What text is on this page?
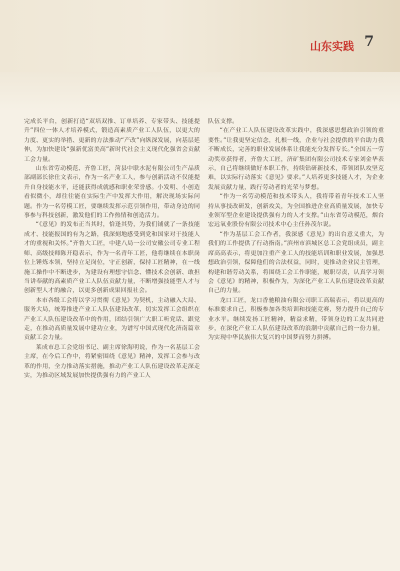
山东实践 7

完成长平台，创新打造“双培双推、订单培养、专家带头、技能提升”四位一体人才培养模式，锻造高素质产业工人队伍，以更大的力度、更实的举措、更新的方法推动“产改”向纵深发展，向基层延伸，为加快建设“强新优富美高”新时代社会主义现代化强省会贡献工会力量。

山东省劳动模范、齐鲁工匠，菏县中联水泥有限公司生产品质部副部长徐仕文表示，作为一名产业工人，参与创新活动不仅能提升自身技能水平，还能获得成就感和职业荣誉感。小发明、小创造看似微小，却往往能在实际生产中发挥大作用，解决现场实际问题。作为一名劳模工匠，要继续发挥示范引领作用，带动身边的同事参与科技创新，激发他们的工作热情和创造活力。

“《意见》的发布正当其时，恰逢其势，为我们铺就了一条技能成才、技能报国的有为之路，我深刻地感受到党和国家对于技能人才的重视和关怀。”齐鲁大工匠，中建八局一公司安徽公司专业工程师、高级技师陈开稳表示，作为一名青年工匠，他将继续在本职岗位上锤炼本领，坚持立足岗位，守正创新，保持工匠精神，在一线施工操作中不断进步，为建设有理想守信念、懂技术会创新、敢担当讲奉献的高素质产业工人队伍贡献力量，不断增强技能型人才与创新型人才的融合，以更多创新成果回报社会。

本市各级工会将以学习贯彻《意见》为契机，主动融入大局、服务大局，统筹推进产业工人队伍建设改革，切实发挥工会组织在产业工人队伍建设改革中的作用，团结引领广大职工听党话、跟党走，在推动高质量发展中建功立业，为谱写中国式现代化济南篇章贡献工会力量。

莱成市总工会党组书记、副主席徐海明说，作为一名基层工会主席，在今后工作中，将紧密围绕《意见》精神，发挥工会参与改革的作用，全力推动落实措施，推动产业工人队伍建设改革走深走实，为推动区域发展加快提供强有力的产业工人

队伍支撑。

“在产业工人队伍建设改革实践中，我深感思想政治引领的重要性。”让我更坚定信念，扎根一线，企业与社会提供的平台助力我不断成长，完善的职业发展体系让我能充分发挥专长。”全国五一劳动奖章获得者，齐鲁大工匠，济矿集团有限公司技术专家刘金华表示，自己将继续做好本职工作，持续钻研新技术，带领团队攻坚克难，以实际行动落实《意见》要求。”人培养更多技能人才，为企业发展贡献力量，践行劳动者的光荣与梦想。

“作为一名劳动模范和技术带头人，我将带着青年技术工人坚持从事技改研发，创新攻关，为全国推进企业高质量发展，加快专业领军型企业建设提供强有力的人才支撑。”山东省劳动模范，烟台宏远氧业股份有限公司技术中心主任孙茂尔说。

“作为基层工会工作者，我深感《意见》的出台意义重大，为我们的工作提供了行动指南。”滨州市滨城区总工会党组成员，副主席高高表示，将更加注重产业工人的技能培训和职业发展，加强思想政治引领，保障他们的合法权益，同时，更推动企业民主管理，构建和谐劳动关系，将围绕工会工作职能，履职尽责，认真学习领会《意见》的精神，积极作为，为深化产业工人队伍建设改革贡献自己的力量。

龙口工匠，龙口香驰粮油有限公司职工高瑞表示，将以更高的标准要求自己，积极参加各类培训和技能竞赛，努力提升自己的专业水平。继续发扬工匠精神，精益求精，带领身边的工友共同进步，在深化产业工人队伍建设改革的浪潮中贡献自己的一份力量，为实现中华民族伟大复兴的中国梦而努力拼搏。
